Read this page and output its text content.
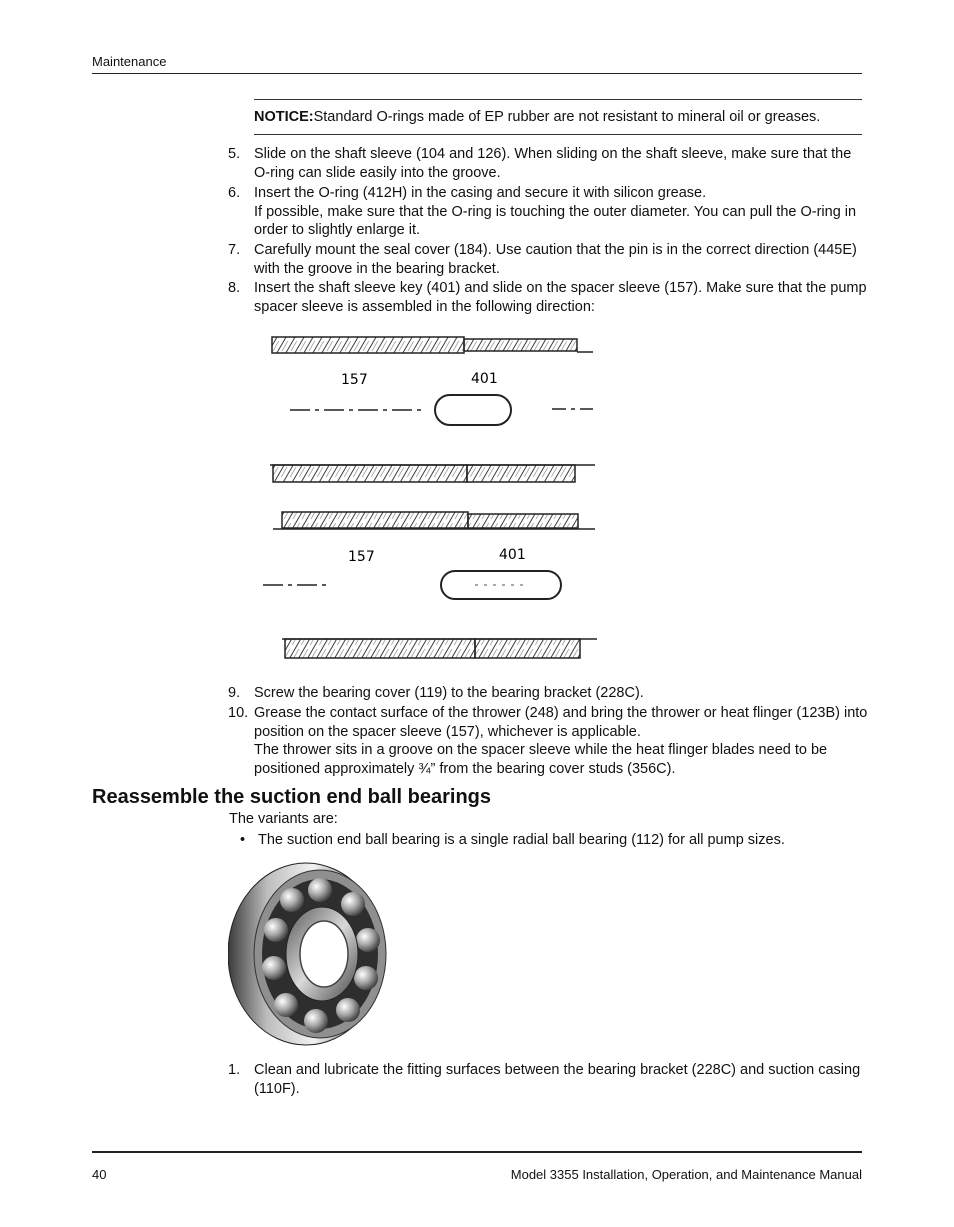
Maintenance
NOTICE:Standard O-rings made of EP rubber are not resistant to mineral oil or greases.
5. Slide on the shaft sleeve (104 and 126). When sliding on the shaft sleeve, make sure that the O-ring can slide easily into the groove.

6. Insert the O-ring (412H) in the casing and secure it with silicon grease.

If possible, make sure that the O-ring is touching the outer diameter. You can pull the O-ring in order to slightly enlarge it.

7. Carefully mount the seal cover (184). Use caution that the pin is in the correct direction (445E) with the groove in the bearing bracket.

8. Insert the shaft sleeve key (401) and slide on the spacer sleeve (157). Make sure that the pump spacer sleeve is assembled in the following direction:

157	401
157	401
9. Screw the bearing cover (119) to the bearing bracket (228C).

10. Grease the contact surface of the thrower (248) and bring the thrower or heat flinger (123B) into position on the spacer sleeve (157), whichever is applicable.

The thrower sits in a groove on the spacer sleeve while the heat flinger blades need to be positioned approximately ¾” from the bearing cover studs (356C).

Reassemble the suction end ball bearings
The variants are:
• The suction end ball bearing is a single radial ball bearing (112) for all pump sizes.
1. Clean and lubricate the fitting surfaces between the bearing bracket (228C) and suction casing (110F).

40	Model 3355 Installation, Operation, and Maintenance Manual
